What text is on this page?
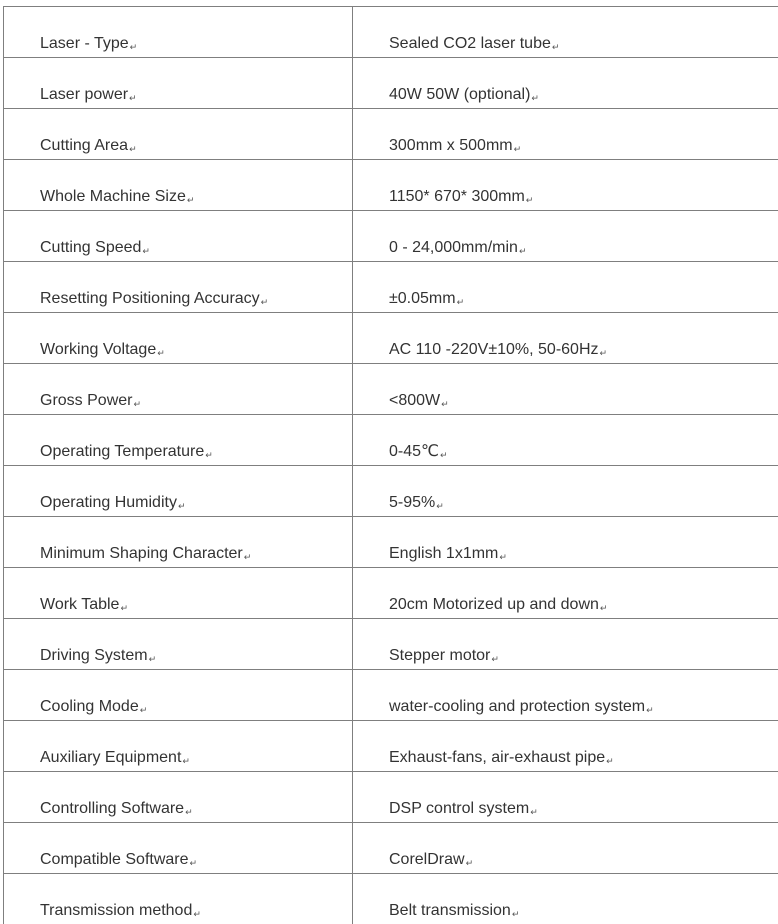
Laser - Type↵	Sealed CO2 laser tube↵
Laser power↵	40W 50W (optional)↵
Cutting Area↵	300mm x 500mm↵
Whole Machine Size↵	1150* 670* 300mm↵
Cutting Speed↵	0 - 24,000mm/min↵
Resetting Positioning Accuracy↵	±0.05mm↵
Working Voltage↵	AC 110 -220V±10%, 50-60Hz↵
Gross Power↵	<800W↵
Operating Temperature↵	0-45℃↵
Operating Humidity↵	5-95%↵
Minimum Shaping Character↵	English 1x1mm↵
Work Table↵	20cm Motorized up and down↵
Driving System↵	Stepper motor↵
Cooling Mode↵	water-cooling and protection system↵
Auxiliary Equipment↵	Exhaust-fans, air-exhaust pipe↵
Controlling Software↵	DSP control system↵
Compatible Software↵	CorelDraw↵
Transmission method↵	Belt transmission↵
